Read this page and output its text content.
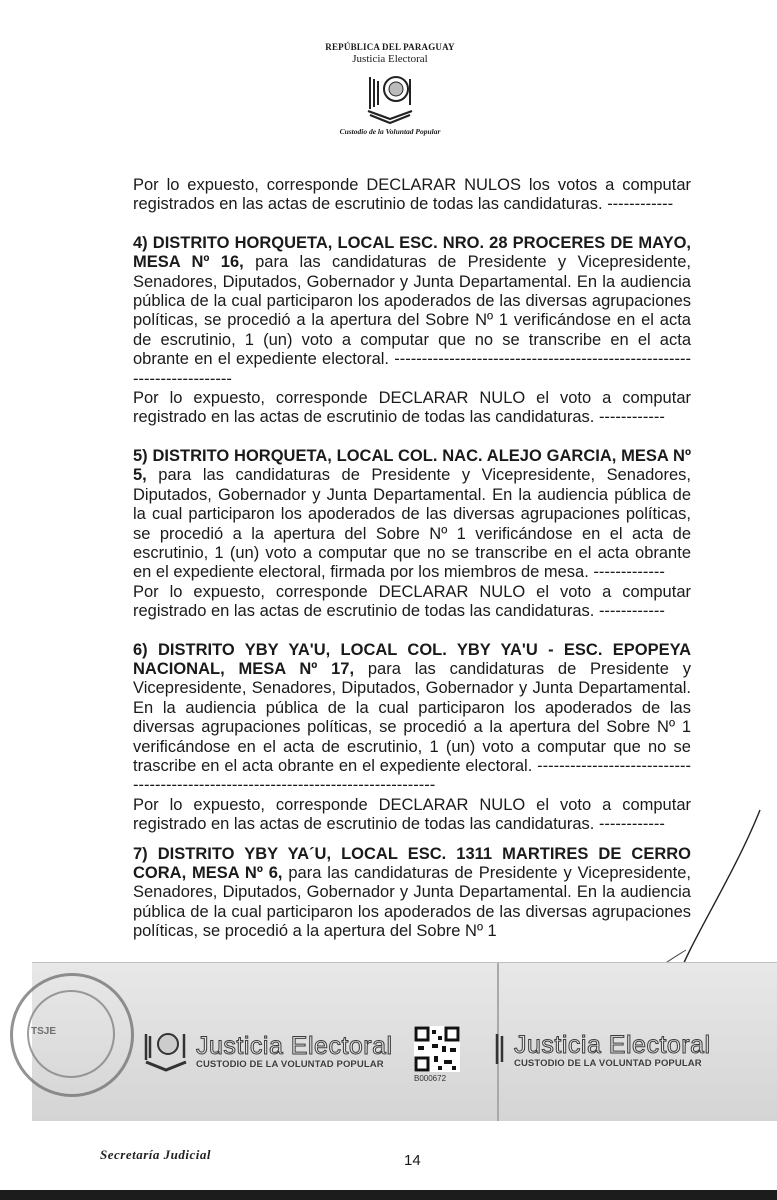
REPÚBLICA DEL PARAGUAY
Justicia Electoral
Custodio de la Voluntad Popular

Por lo expuesto, corresponde DECLARAR NULOS los votos a computar registrados en las actas de escrutinio de todas las candidaturas. ------------

4) DISTRITO HORQUETA, LOCAL ESC. NRO. 28 PROCERES DE MAYO, MESA Nº 16, para las candidaturas de Presidente y Vicepresidente, Senadores, Diputados, Gobernador y Junta Departamental. En la audiencia pública de la cual participaron los apoderados de las diversas agrupaciones políticas, se procedió a la apertura del Sobre Nº 1 verificándose en el acta de escrutinio, 1 (un) voto a computar que no se transcribe en el acta obrante en el expediente electoral. ------------------------------------------------------------------------

Por lo expuesto, corresponde DECLARAR NULO el voto a computar registrado en las actas de escrutinio de todas las candidaturas. ------------

5) DISTRITO HORQUETA, LOCAL COL. NAC. ALEJO GARCIA, MESA Nº 5, para las candidaturas de Presidente y Vicepresidente, Senadores, Diputados, Gobernador y Junta Departamental. En la audiencia pública de la cual participaron los apoderados de las diversas agrupaciones políticas, se procedió a la apertura del Sobre Nº 1 verificándose en el acta de escrutinio, 1 (un) voto a computar que no se transcribe en el acta obrante en el expediente electoral, firmada por los miembros de mesa. -------------

Por lo expuesto, corresponde DECLARAR NULO el voto a computar registrado en las actas de escrutinio de todas las candidaturas. ------------

6) DISTRITO YBY YA'U, LOCAL COL. YBY YA'U - ESC. EPOPEYA NACIONAL, MESA Nº 17, para las candidaturas de Presidente y Vicepresidente, Senadores, Diputados, Gobernador y Junta Departamental. En la audiencia pública de la cual participaron los apoderados de las diversas agrupaciones políticas, se procedió a la apertura del Sobre Nº 1 verificándose en el acta de escrutinio, 1 (un) voto a computar que no se trascribe en el acta obrante en el expediente electoral. -----------------------------------------------------------------------------------

Por lo expuesto, corresponde DECLARAR NULO el voto a computar registrado en las actas de escrutinio de todas las candidaturas. ------------

7) DISTRITO YBY YA´U, LOCAL ESC. 1311 MARTIRES DE CERRO CORA, MESA Nº 6, para las candidaturas de Presidente y Vicepresidente, Senadores, Diputados, Gobernador y Junta Departamental. En la audiencia pública de la cual participaron los apoderados de las diversas agrupaciones políticas, se procedió a la apertura del Sobre Nº 1

TSJE	Justicia Electoral
CUSTODIO DE LA VOLUNTAD POPULAR
B000672
Justicia Electoral
CUSTODIO DE LA VOLUNTAD POPULAR
Secretaría Judicial	14
